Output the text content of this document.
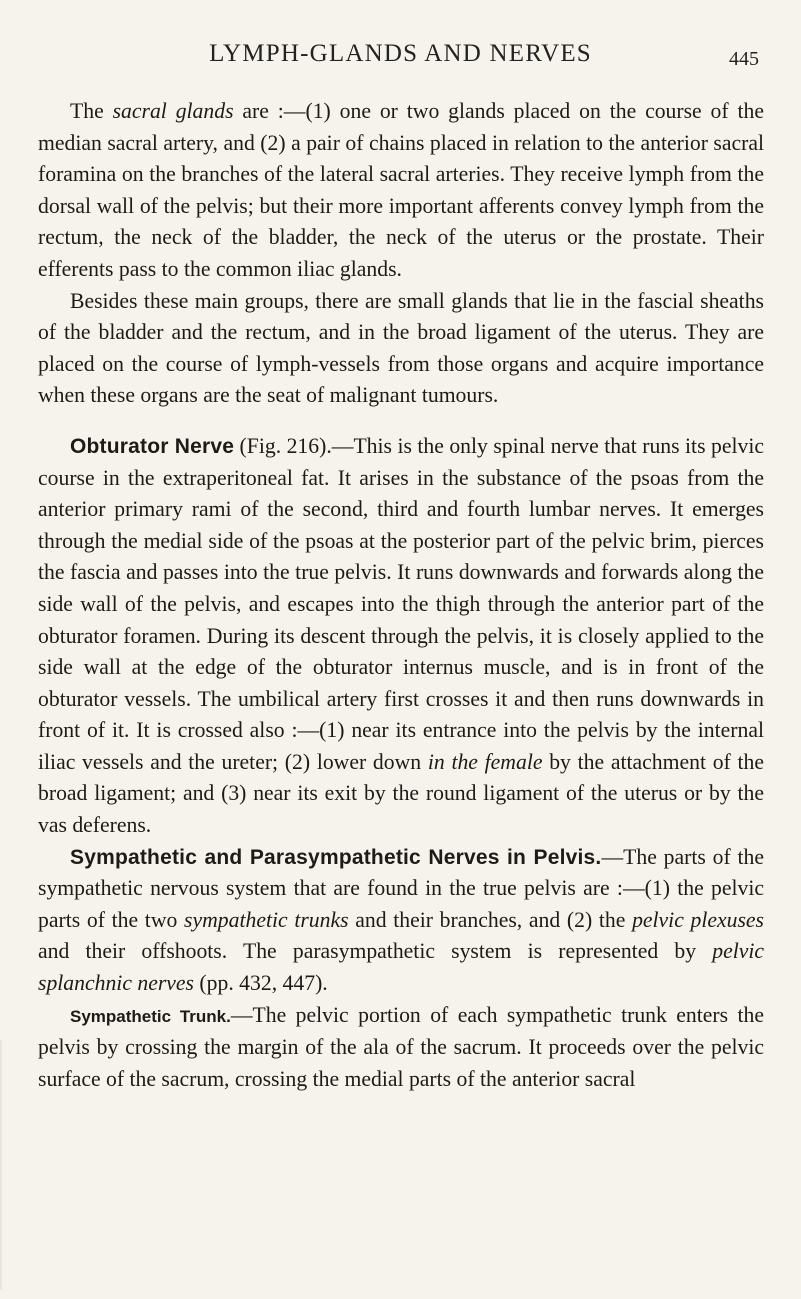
LYMPH-GLANDS AND NERVES	445

The sacral glands are :—(1) one or two glands placed on the course of the median sacral artery, and (2) a pair of chains placed in relation to the anterior sacral foramina on the branches of the lateral sacral arteries. They receive lymph from the dorsal wall of the pelvis; but their more important afferents convey lymph from the rectum, the neck of the bladder, the neck of the uterus or the prostate. Their efferents pass to the common iliac glands.

Besides these main groups, there are small glands that lie in the fascial sheaths of the bladder and the rectum, and in the broad ligament of the uterus. They are placed on the course of lymph-vessels from those organs and acquire importance when these organs are the seat of malignant tumours.

Obturator Nerve (Fig. 216).—This is the only spinal nerve that runs its pelvic course in the extraperitoneal fat. It arises in the substance of the psoas from the anterior primary rami of the second, third and fourth lumbar nerves. It emerges through the medial side of the psoas at the posterior part of the pelvic brim, pierces the fascia and passes into the true pelvis. It runs downwards and forwards along the side wall of the pelvis, and escapes into the thigh through the anterior part of the obturator foramen. During its descent through the pelvis, it is closely applied to the side wall at the edge of the obturator internus muscle, and is in front of the obturator vessels. The umbilical artery first crosses it and then runs downwards in front of it. It is crossed also :—(1) near its entrance into the pelvis by the internal iliac vessels and the ureter; (2) lower down in the female by the attachment of the broad ligament; and (3) near its exit by the round ligament of the uterus or by the vas deferens.

Sympathetic and Parasympathetic Nerves in Pelvis.—The parts of the sympathetic nervous system that are found in the true pelvis are :—(1) the pelvic parts of the two sympathetic trunks and their branches, and (2) the pelvic plexuses and their offshoots. The parasympathetic system is represented by pelvic splanchnic nerves (pp. 432, 447).

Sympathetic Trunk.—The pelvic portion of each sympathetic trunk enters the pelvis by crossing the margin of the ala of the sacrum. It proceeds over the pelvic surface of the sacrum, crossing the medial parts of the anterior sacral
